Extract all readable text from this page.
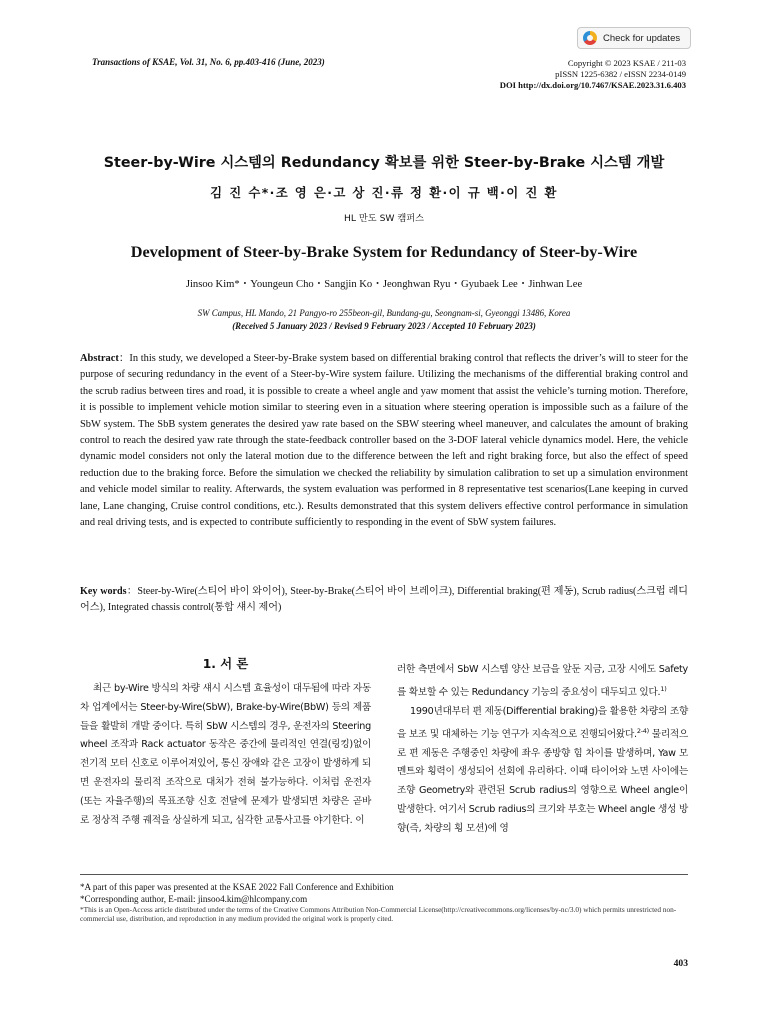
Transactions of KSAE, Vol. 31, No. 6, pp.403-416 (June, 2023)
Check for updates
Copyright © 2023 KSAE / 211-03
pISSN 1225-6382 / eISSN 2234-0149
DOI http://dx.doi.org/10.7467/KSAE.2023.31.6.403
Steer-by-Wire 시스템의 Redundancy 확보를 위한 Steer-by-Brake 시스템 개발
김 진 수*·조 영 은·고 상 진·류 정 환·이 규 백·이 진 환
HL 만도 SW 캠퍼스
Development of Steer-by-Brake System for Redundancy of Steer-by-Wire
Jinsoo Kim*・Youngeun Cho・Sangjin Ko・Jeonghwan Ryu・Gyubaek Lee・Jinhwan Lee
SW Campus, HL Mando, 21 Pangyo-ro 255beon-gil, Bundang-gu, Seongnam-si, Gyeonggi 13486, Korea
(Received 5 January 2023 / Revised 9 February 2023 / Accepted 10 February 2023)
Abstract：In this study, we developed a Steer-by-Brake system based on differential braking control that reflects the driver’s will to steer for the purpose of securing redundancy in the event of a Steer-by-Wire system failure. Utilizing the mechanisms of the differential braking control and the scrub radius between tires and road, it is possible to create a wheel angle and yaw moment that assist the vehicle’s turning motion. Therefore, it is possible to implement vehicle motion similar to steering even in a situation where steering operation is impossible such as a failure of the SbW system. The SbB system generates the desired yaw rate based on the SBW steering wheel maneuver, and calculates the amount of braking control to reach the desired yaw rate through the state-feedback controller based on the 3-DOF lateral vehicle dynamics model. Here, the vehicle dynamic model considers not only the lateral motion due to the difference between the left and right braking force, but also the effect of speed reduction due to the braking force. Before the simulation we checked the reliability by simulation calibration to set up a simulation environment and vehicle model similar to reality. Afterwards, the system evaluation was performed in 8 representative test scenarios(Lane keeping in curved lane, Lane changing, Cruise control conditions, etc.). Results demonstrated that this system delivers effective control performance in simulation and real driving tests, and is expected to contribute sufficiently to responding in the event of SbW system failures.
Key words：Steer-by-Wire(스티어 바이 와이어), Steer-by-Brake(스티어 바이 브레이크), Differential braking(편 제동), Scrub radius(스크럽 레디어스), Integrated chassis control(통합 섀시 제어)
1. 서 론

최근 by-Wire 방식의 차량 섀시 시스템 효율성이 대두됨에 따라 자동차 업계에서는 Steer-by-Wire(SbW), Brake-by-Wire(BbW) 등의 제품들을 활발히 개발 중이다. 특히 SbW 시스템의 경우, 운전자의 Steering wheel 조작과 Rack actuator 동작은 중간에 물리적인 연결(링킹)없이 전기적 모터 신호로 이루어져있어, 통신 장애와 같은 고장이 발생하게 되면 운전자의 물리적 조작으로 대처가 전혀 불가능하다. 이처럼 운전자(또는 자율주행)의 목표조향 신호 전달에 문제가 발생되면 차량은 곧바로 정상적 주행 궤적을 상실하게 되고, 심각한 교통사고를 야기한다. 이

러한 측면에서 SbW 시스템 양산 보급을 앞둔 지금, 고장 시에도 Safety를 확보할 수 있는 Redundancy 기능의 중요성이 대두되고 있다.$^{1)}$

1990년대부터 편 제동(Differential braking)을 활용한 차량의 조향을 보조 및 대체하는 기능 연구가 지속적으로 진행되어왔다.$^{2-4)}$ 물리적으로 편 제동은 주행중인 차량에 좌우 종방향 힘 차이를 발생하며, Yaw 모멘트와 횡력이 생성되어 선회에 유리하다. 이때 타이어와 노면 사이에는 조향 Geometry와 관련된 Scrub radius의 영향으로 Wheel angle이 발생한다. 여기서 Scrub radius의 크기와 부호는 Wheel angle 생성 방향(즉, 차량의 횡 모션)에 영

*A part of this paper was presented at the KSAE 2022 Fall Conference and Exhibition
*Corresponding author, E-mail: jinsoo4.kim@hlcompany.com
*This is an Open-Access article distributed under the terms of the Creative Commons Attribution Non-Commercial License(http://creativecommons.org/licenses/by-nc/3.0) which permits unrestricted non-commercial use, distribution, and reproduction in any medium provided the original work is properly cited.
403
